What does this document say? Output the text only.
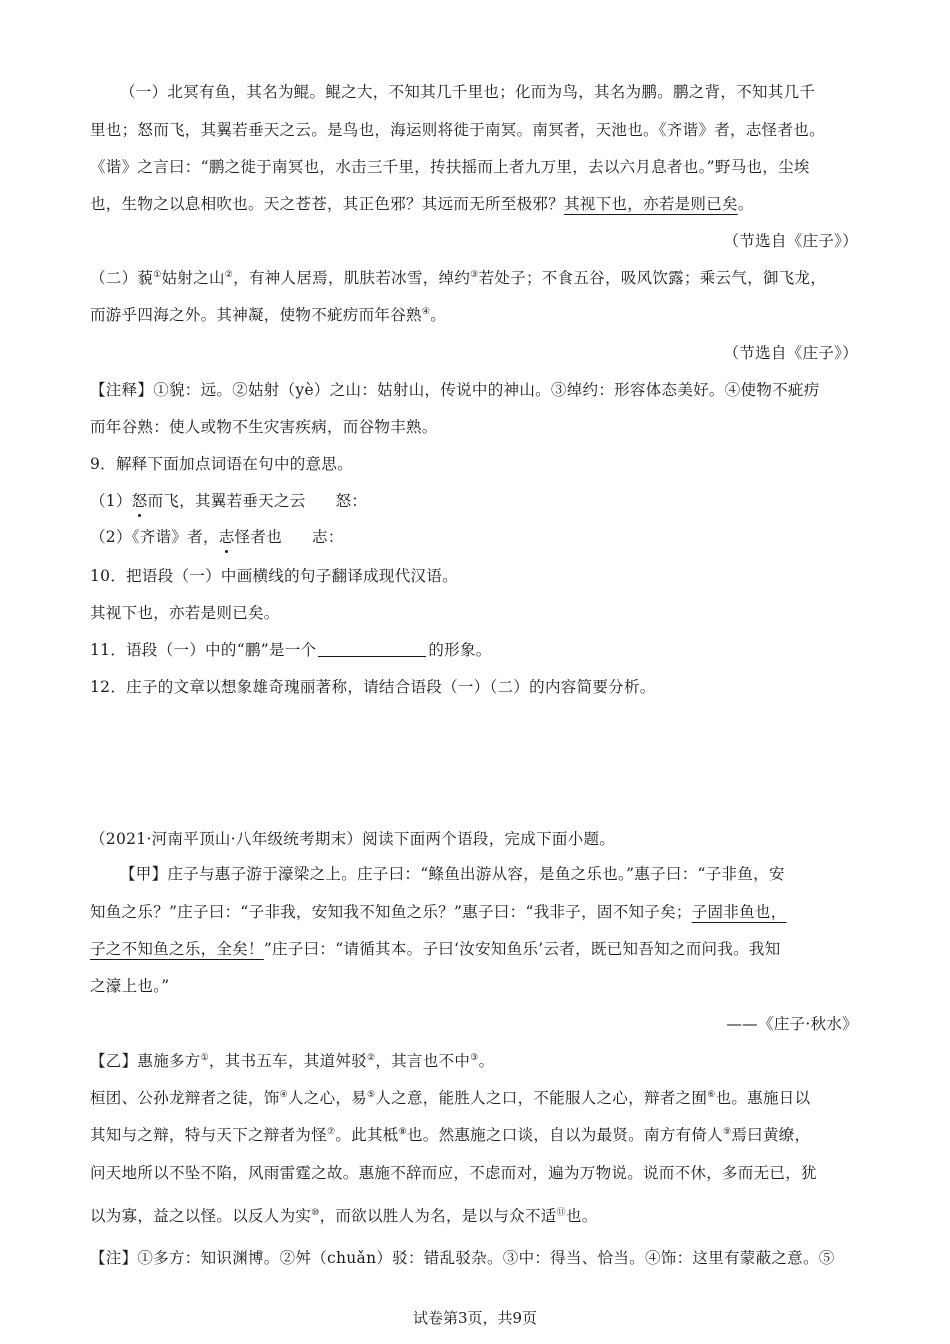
（一）北冥有鱼，其名为鲲。鲲之大，不知其几千里也；化而为鸟，其名为鹏。鹏之背，不知其几千
里也；怒而飞，其翼若垂天之云。是鸟也，海运则将徙于南冥。南冥者，天池也。《齐谐》者，志怪者也。
《谐》之言曰：“鹏之徙于南冥也，水击三千里，抟扶摇而上者九万里，去以六月息者也。”野马也，尘埃
也，生物之以息相吹也。天之苍苍，其正色邪？其远而无所至极邪？其视下也，亦若是则已矣。
（节选自《庄子》）
（二）藐①姑射之山②，有神人居焉，肌肤若冰雪，绰约③若处子；不食五谷，吸风饮露；乘云气，御飞龙，
而游乎四海之外。其神凝，使物不疵疠而年谷熟④。
（节选自《庄子》）
【注释】①貌：远。②姑射（yè）之山：姑射山，传说中的神山。③绰约：形容体态美好。④使物不疵疠
而年谷熟：使人或物不生灾害疾病，而谷物丰熟。
9．解释下面加点词语在句中的意思。
（1）怒而飞，其翼若垂天之云 怒：
（2）《齐谐》者，志怪者也 志：
10．把语段（一）中画横线的句子翻译成现代汉语。
其视下也，亦若是则已矣。
11．语段（一）中的“鹏”是一个	的形象。
12．庄子的文章以想象雄奇瑰丽著称，请结合语段（一）（二）的内容简要分析。
（2021·河南平顶山·八年级统考期末）阅读下面两个语段，完成下面小题。
【甲】庄子与惠子游于濠梁之上。庄子曰：“鲦鱼出游从容，是鱼之乐也。”惠子曰：“子非鱼，安
知鱼之乐？”庄子曰：“子非我，安知我不知鱼之乐？”惠子曰：“我非子，固不知子矣；子固非鱼也，
子之不知鱼之乐，全矣！”庄子曰：“请循其本。子曰‘汝安知鱼乐’云者，既已知吾知之而问我。我知
之濠上也。”
——《庄子·秋水》
【乙】惠施多方①，其书五车，其道舛驳②，其言也不中③。
桓团、公孙龙辩者之徒，饰④人之心，易⑤人之意，能胜人之口，不能服人之心，辩者之囿⑥也。惠施日以
其知与之辩，特与天下之辩者为怪⑦。此其柢⑧也。然惠施之口谈，自以为最贤。南方有倚人⑨焉曰黄缭，
问天地所以不坠不陷，风雨雷霆之故。惠施不辞而应，不虑而对，遍为万物说。说而不休，多而无已，犹
以为寡，益之以怪。以反人为实⑩，而欲以胜人为名，是以与众不适⑪也。
【注】①多方：知识渊博。②舛（chuǎn）驳：错乱驳杂。③中：得当、恰当。④饰：这里有蒙蔽之意。⑤
试卷第3页，共9页
